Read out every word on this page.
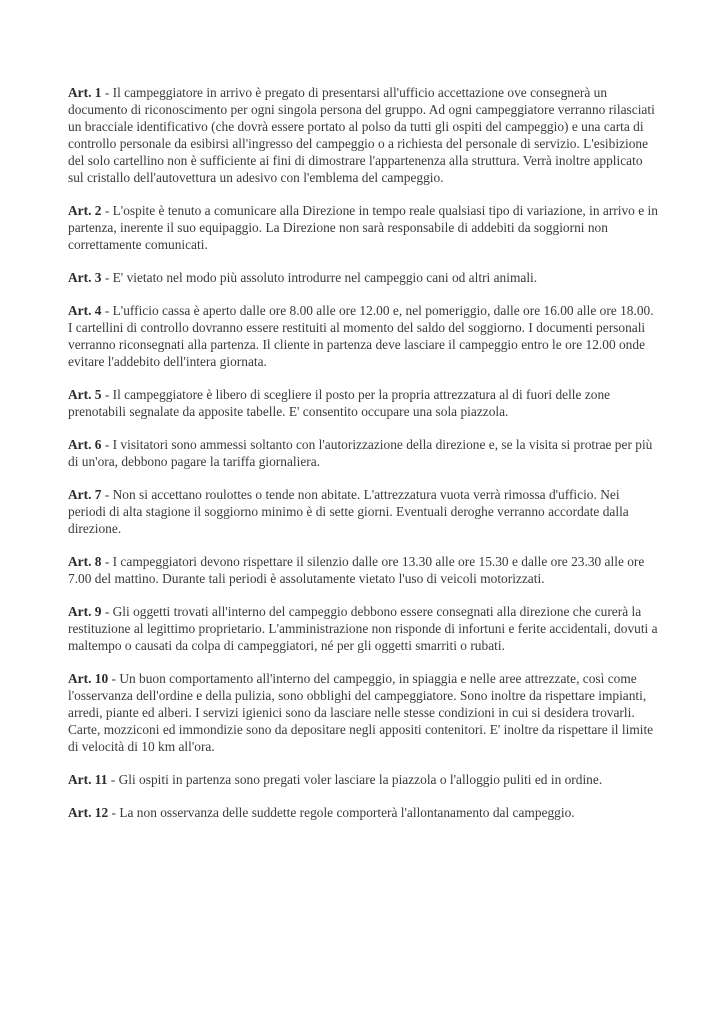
Art. 1 - Il campeggiatore in arrivo è pregato di presentarsi all'ufficio accettazione ove consegnerà un documento di riconoscimento per ogni singola persona del gruppo. Ad ogni campeggiatore verranno rilasciati un bracciale identificativo (che dovrà essere portato al polso da tutti gli ospiti del campeggio) e una carta di controllo personale da esibirsi all'ingresso del campeggio o a richiesta del personale di servizio. L'esibizione del solo cartellino non è sufficiente ai fini di dimostrare l'appartenenza alla struttura. Verrà inoltre applicato sul cristallo dell'autovettura un adesivo con l'emblema del campeggio.

Art. 2 - L'ospite è tenuto a comunicare alla Direzione in tempo reale qualsiasi tipo di variazione, in arrivo e in partenza, inerente il suo equipaggio. La Direzione non sarà responsabile di addebiti da soggiorni non correttamente comunicati.

Art. 3 - E' vietato nel modo più assoluto introdurre nel campeggio cani od altri animali.

Art. 4 - L'ufficio cassa è aperto dalle ore 8.00 alle ore 12.00 e, nel pomeriggio, dalle ore 16.00 alle ore 18.00. I cartellini di controllo dovranno essere restituiti al momento del saldo del soggiorno. I documenti personali verranno riconsegnati alla partenza. Il cliente in partenza deve lasciare il campeggio entro le ore 12.00 onde evitare l'addebito dell'intera giornata.

Art. 5 - Il campeggiatore è libero di scegliere il posto per la propria attrezzatura al di fuori delle zone prenotabili segnalate da apposite tabelle. E' consentito occupare una sola piazzola.

Art. 6 - I visitatori sono ammessi soltanto con l'autorizzazione della direzione e, se la visita si protrae per più di un'ora, debbono pagare la tariffa giornaliera.

Art. 7 - Non si accettano roulottes o tende non abitate. L'attrezzatura vuota verrà rimossa d'ufficio. Nei periodi di alta stagione il soggiorno minimo è di sette giorni. Eventuali deroghe verranno accordate dalla direzione.

Art. 8 - I campeggiatori devono rispettare il silenzio dalle ore 13.30 alle ore 15.30 e dalle ore 23.30 alle ore 7.00 del mattino. Durante tali periodi è assolutamente vietato l'uso di veicoli motorizzati.

Art. 9 - Gli oggetti trovati all'interno del campeggio debbono essere consegnati alla direzione che curerà la restituzione al legittimo proprietario. L'amministrazione non risponde di infortuni e ferite accidentali, dovuti a maltempo o causati da colpa di campeggiatori, né per gli oggetti smarriti o rubati.

Art. 10 - Un buon comportamento all'interno del campeggio, in spiaggia e nelle aree attrezzate, così come l'osservanza dell'ordine e della pulizia, sono obblighi del campeggiatore. Sono inoltre da rispettare impianti, arredi, piante ed alberi. I servizi igienici sono da lasciare nelle stesse condizioni in cui si desidera trovarli. Carte, mozziconi ed immondizie sono da depositare negli appositi contenitori. E' inoltre da rispettare il limite di velocità di 10 km all'ora.

Art. 11 - Gli ospiti in partenza sono pregati voler lasciare la piazzola o l'alloggio puliti ed in ordine.

Art. 12 - La non osservanza delle suddette regole comporterà l'allontanamento dal campeggio.
